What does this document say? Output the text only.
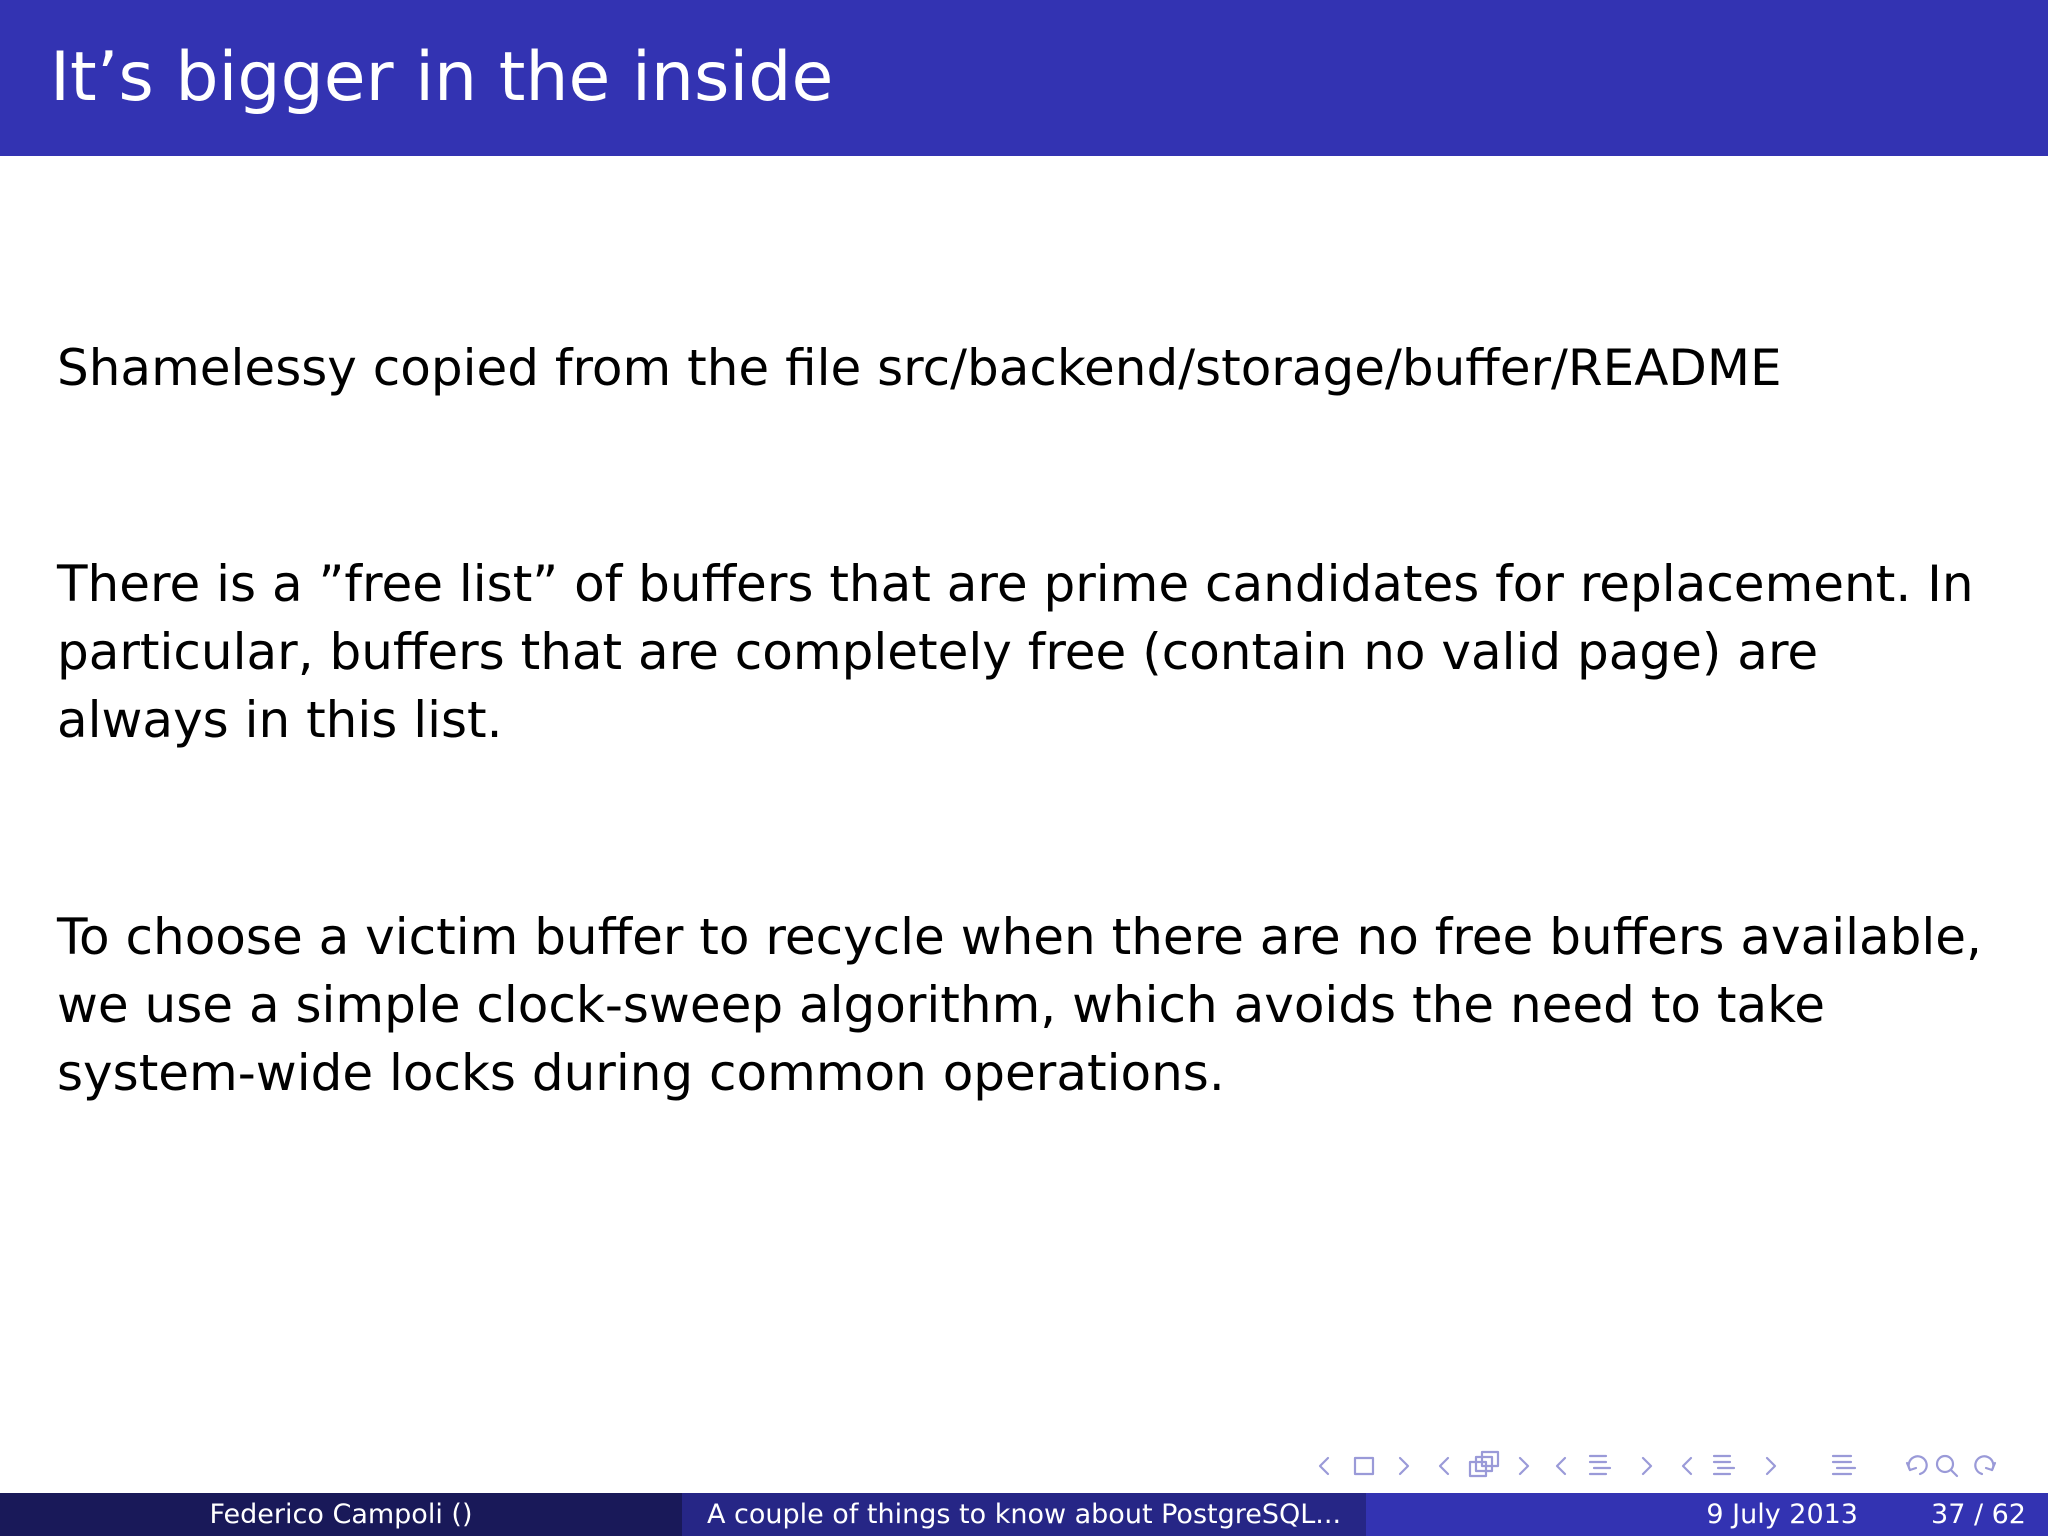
It’s bigger in the inside
Shamelessy copied from the file src/backend/storage/buffer/README
There is a ”free list” of buffers that are prime candidates for replacement. In particular, buffers that are completely free (contain no valid page) are always in this list.
To choose a victim buffer to recycle when there are no free buffers available, we use a simple clock-sweep algorithm, which avoids the need to take system-wide locks during common operations.
Federico Campoli ()	A couple of things to know about PostgreSQL...	9 July 2013	37 / 62
